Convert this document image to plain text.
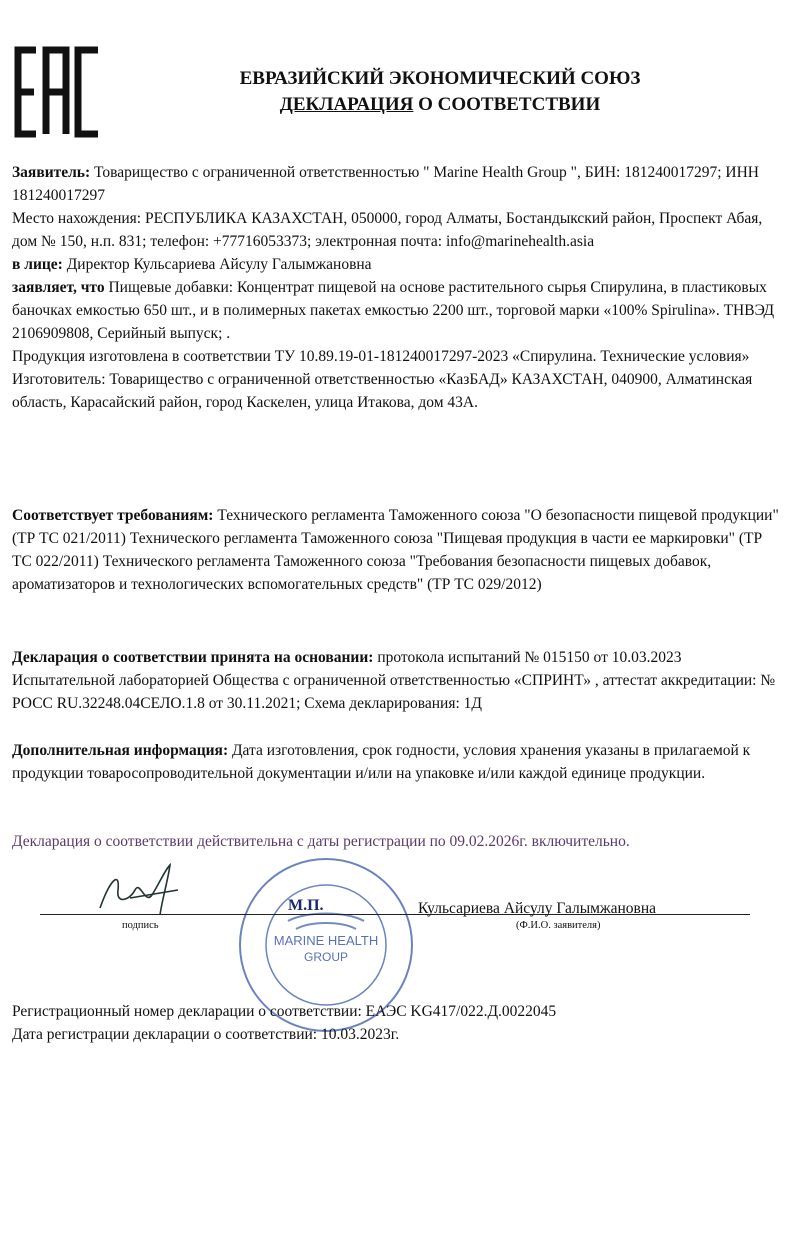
ЕВРАЗИЙСКИЙ ЭКОНОМИЧЕСКИЙ СОЮЗ
ДЕКЛАРАЦИЯ О СООТВЕТСТВИИ
Заявитель: Товарищество с ограниченной ответственностью " Marine Health Group ", БИН: 181240017297; ИНН 181240017297
Место нахождения: РЕСПУБЛИКА КАЗАХСТАН, 050000, город Алматы, Бостандыкский район, Проспект Абая, дом № 150, н.п. 831; телефон: +77716053373; электронная почта: info@marinehealth.asia
в лице: Директор Кульсариева Айсулу Галымжановна
заявляет, что Пищевые добавки: Концентрат пищевой на основе растительного сырья Спирулина, в пластиковых баночках емкостью 650 шт., и в полимерных пакетах емкостью 2200 шт., торговой марки «100% Spirulina». ТНВЭД 2106909808, Серийный выпуск; .
Продукция изготовлена в соответствии ТУ 10.89.19-01-181240017297-2023 «Спирулина. Технические условия»
Изготовитель: Товарищество с ограниченной ответственностью «КазБАД» КАЗАХСТАН, 040900, Алматинская область, Карасайский район, город Каскелен, улица Итакова, дом 43А.
Соответствует требованиям: Технического регламента Таможенного союза "О безопасности пищевой продукции" (ТР ТС 021/2011) Технического регламента Таможенного союза "Пищевая продукция в части ее маркировки" (ТР ТС 022/2011) Технического регламента Таможенного союза "Требования безопасности пищевых добавок, ароматизаторов и технологических вспомогательных средств" (ТР ТС 029/2012)
Декларация о соответствии принята на основании: протокола испытаний № 015150 от 10.03.2023 Испытательной лабораторией Общества с ограниченной ответственностью «СПРИНТ» , аттестат аккредитации: № РОСС RU.32248.04СЕЛО.1.8 от 30.11.2021; Схема декларирования: 1Д
Дополнительная информация: Дата изготовления, срок годности, условия хранения указаны в прилагаемой к продукции товаросопроводительной документации и/или на упаковке и/или каждой единице продукции.
Декларация о соответствии действительна с даты регистрации по 09.02.2026г. включительно.
MARINE HEALTH
GROUP
М.П.	Кульсариева Айсулу Галымжановна
подпись	(Ф.И.О. заявителя)
Регистрационный номер декларации о соответствии: ЕАЭС KG417/022.Д.0022045
Дата регистрации декларации о соответствии: 10.03.2023г.
